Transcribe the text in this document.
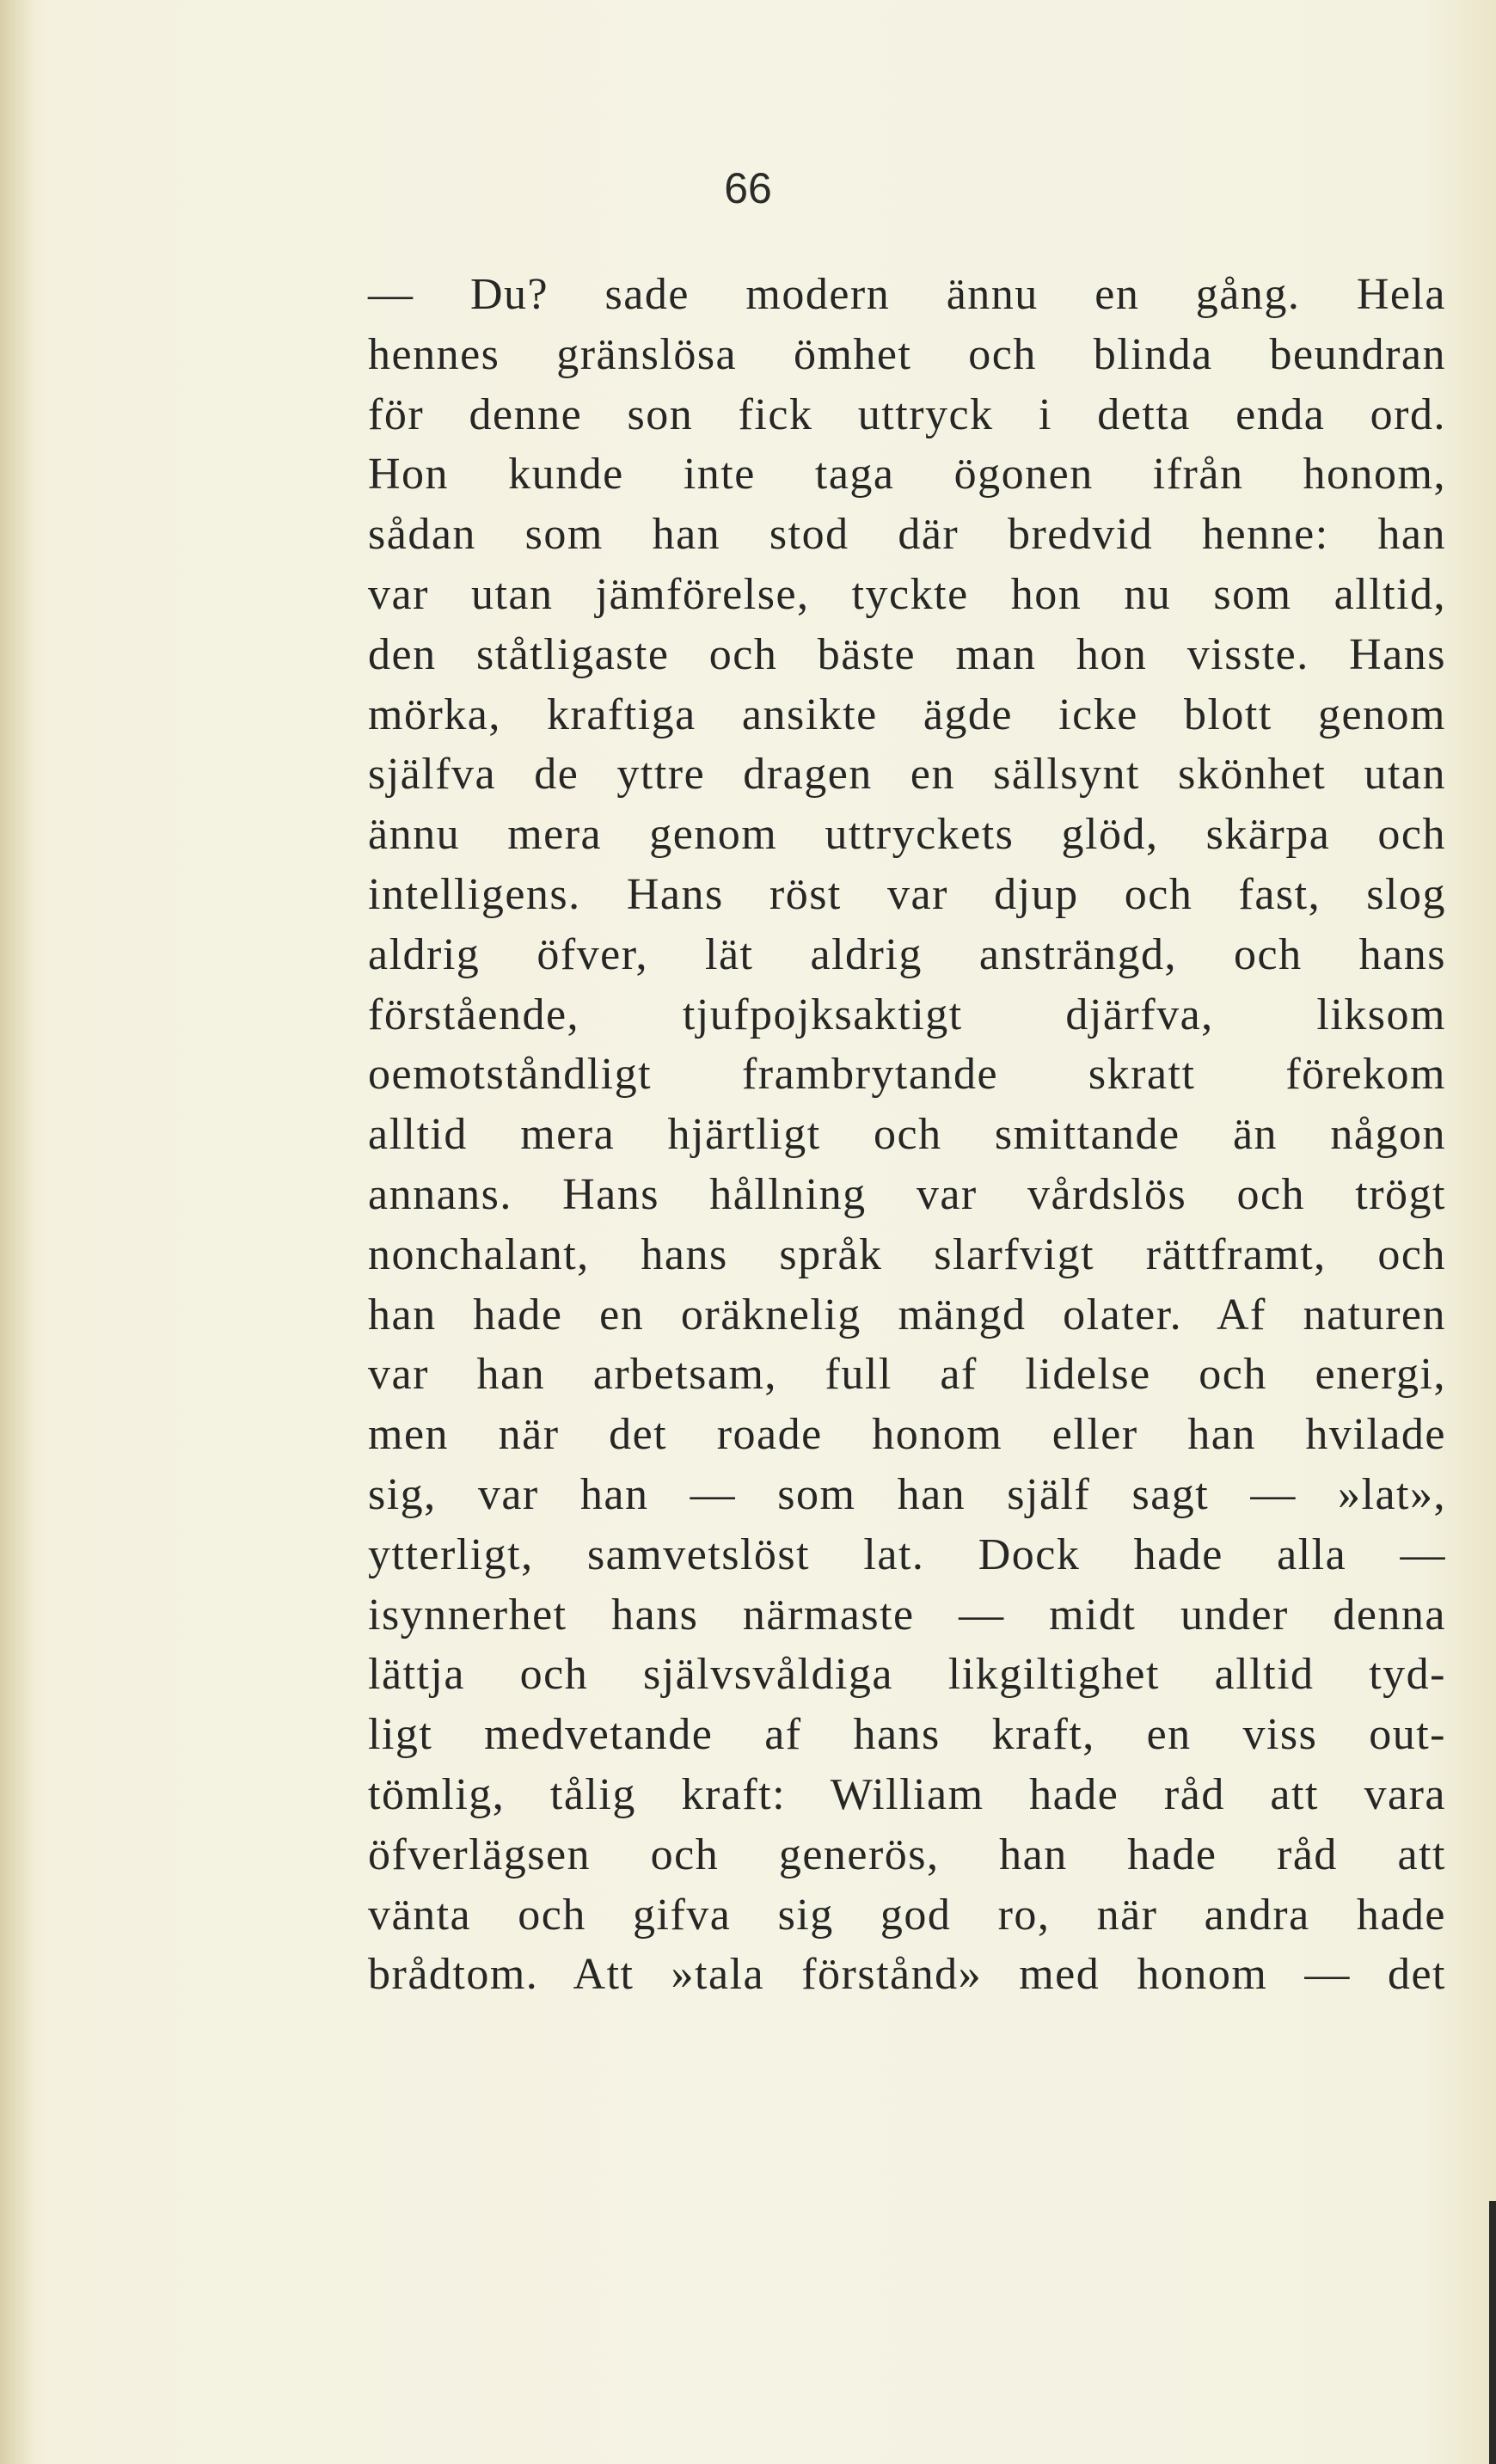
66

— Du? sade modern ännu en gång. Hela
hennes gränslösa ömhet och blinda beundran
för denne son fick uttryck i detta enda ord.
Hon kunde inte taga ögonen ifrån honom,
sådan som han stod där bredvid henne: han
var utan jämförelse, tyckte hon nu som alltid,
den ståtligaste och bäste man hon visste. Hans
mörka, kraftiga ansikte ägde icke blott genom
själfva de yttre dragen en sällsynt skönhet utan
ännu mera genom uttryckets glöd, skärpa och
intelligens. Hans röst var djup och fast, slog
aldrig öfver, lät aldrig ansträngd, och hans
förstående, tjufpojksaktigt djärfva, liksom
oemotståndligt frambrytande skratt förekom
alltid mera hjärtligt och smittande än någon
annans. Hans hållning var vårdslös och trögt
nonchalant, hans språk slarfvigt rättframt, och
han hade en oräknelig mängd olater. Af naturen
var han arbetsam, full af lidelse och energi,
men när det roade honom eller han hvilade
sig, var han — som han själf sagt — »lat»,
ytterligt, samvetslöst lat. Dock hade alla —
isynnerhet hans närmaste — midt under denna
lättja och självsvåldiga likgiltighet alltid tyd-
ligt medvetande af hans kraft, en viss out-
tömlig, tålig kraft: William hade råd att vara
öfverlägsen och generös, han hade råd att
vänta och gifva sig god ro, när andra hade
brådtom. Att »tala förstånd» med honom — det
